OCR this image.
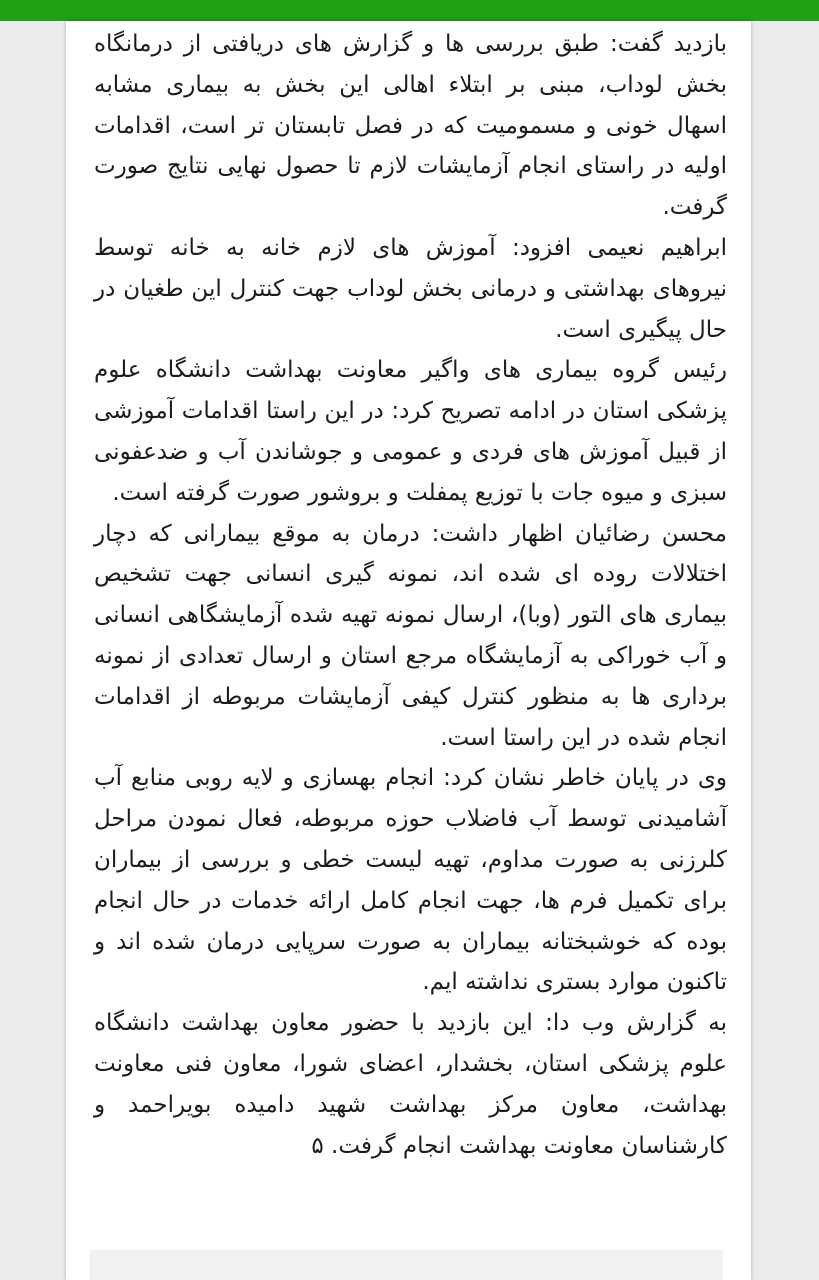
بازدید گفت: طبق بررسی ها و گزارش های دریافتی از درمانگاه بخش لوداب، مبنی بر ابتلاء اهالی این بخش به بیماری مشابه اسهال خونی و مسمومیت که در فصل تابستان تر است، اقدامات اولیه در راستای انجام آزمایشات لازم تا حصول نهایی نتایج صورت گرفت.

ابراهیم نعیمی افزود: آموزش های لازم خانه به خانه توسط نیروهای بهداشتی و درمانی بخش لوداب جهت کنترل این طغیان در حال پیگیری است.

رئیس گروه بیماری های واگیر معاونت بهداشت دانشگاه علوم پزشکی استان در ادامه تصریح کرد: در این راستا اقدامات آموزشی از قبیل آموزش های فردی و عمومی و جوشاندن آب و ضدعفونی سبزی و میوه جات با توزیع پمفلت و بروشور صورت گرفته است.

محسن رضائیان اظهار داشت: درمان به موقع بیمارانی که دچار اختلالات روده ای شده اند، نمونه گیری انسانی جهت تشخیص بیماری های التور (وبا)، ارسال نمونه تهیه شده آزمایشگاهی انسانی و آب خوراکی به آزمایشگاه مرجع استان و ارسال تعدادی از نمونه برداری ها به منظور کنترل کیفی آزمایشات مربوطه از اقدامات انجام شده در این راستا است.

وی در پایان خاطر نشان کرد: انجام بهسازی و لایه روبی منابع آب آشامیدنی توسط آب فاضلاب حوزه مربوطه، فعال نمودن مراحل کلرزنی به صورت مداوم، تهیه لیست خطی و بررسی از بیماران برای تکمیل فرم ها، جهت انجام کامل ارائه خدمات در حال انجام بوده که خوشبختانه بیماران به صورت سرپایی درمان شده اند و تاکنون موارد بستری نداشته ایم.

به گزارش وب دا: این بازدید با حضور معاون بهداشت دانشگاه علوم پزشکی استان، بخشدار، اعضای شورا، معاون فنی معاونت بهداشت، معاون مرکز بهداشت شهید دامیده بویراحمد و کارشناسان معاونت بهداشت انجام گرفت. ۵
